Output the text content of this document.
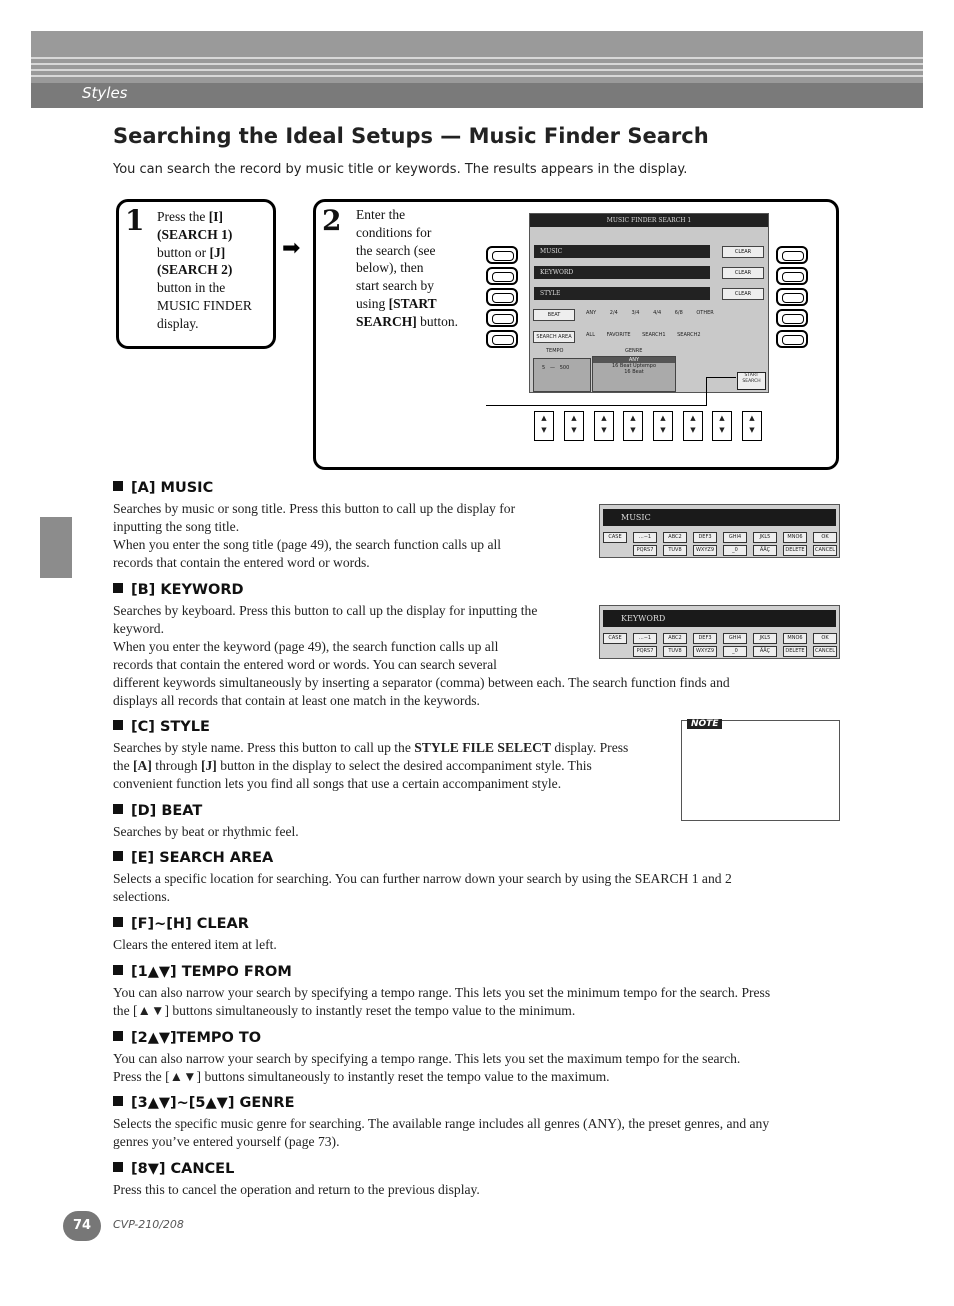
Styles
Searching the Ideal Setups — Music Finder Search
You can search the record by music title or keywords. The results appears in the display.
1 Press the [I]
(SEARCH 1)
button or [J]
(SEARCH 2)
button in the
MUSIC FINDER
display.
➡
2 Enter the
conditions for
the search (see
below), then
start search by
using [START
SEARCH] button.
MUSIC FINDER SEARCH 1
MUSIC	CLEAR
KEYWORD	CLEAR
STYLE	CLEAR
BEAT	ANY 2/4 3/4 4/4 6/8 OTHER
SEARCH AREA	ALL FAVORITE SEARCH1 SEARCH2
TEMPO	GENRE
5   —   500
ANY
16 Beat Uptempo
16 Beat
START SEARCH
▲
▼
▲
▼
▲
▼
▲
▼
▲
▼
▲
▼
▲
▼
▲
▼
[A] MUSIC
Searches by music or song title. Press this button to call up the display for
inputting the song title.
When you enter the song title (page 49), the search function calls up all
records that contain the entered word or words.
MUSIC
CASE	...−1	ABC2	DEF3	GHI4	JKL5	MNO6	OK
PQRS7	TUV8	WXYZ9	_0	ÄÅÇ	DELETE	CANCEL
[B] KEYWORD
Searches by keyboard. Press this button to call up the display for inputting the
keyword.
When you enter the keyword (page 49), the search function calls up all
records that contain the entered word or words. You can search several
different keywords simultaneously by inserting a separator (comma) between each. The search function finds and
displays all records that contain at least one match in the keywords.
KEYWORD
CASE	...−1	ABC2	DEF3	GHI4	JKL5	MNO6	OK
PQRS7	TUV8	WXYZ9	_0	ÄÅÇ	DELETE	CANCEL
[C] STYLE
Searches by style name. Press this button to call up the STYLE FILE SELECT display. Press
the [A] through [J] button in the display to select the desired accompaniment style. This
convenient function lets you find all songs that use a certain accompaniment style.
NOTE
[D] BEAT
Searches by beat or rhythmic feel.
[E] SEARCH AREA
Selects a specific location for searching. You can further narrow down your search by using the SEARCH 1 and 2
selections.
[F]~[H] CLEAR
Clears the entered item at left.
[1▲▼] TEMPO FROM
You can also narrow your search by specifying a tempo range. This lets you set the minimum tempo for the search. Press
the [▲▼] buttons simultaneously to instantly reset the tempo value to the minimum.
[2▲▼]TEMPO TO
You can also narrow your search by specifying a tempo range. This lets you set the maximum tempo for the search.
Press the [▲▼] buttons simultaneously to instantly reset the tempo value to the maximum.
[3▲▼]~[5▲▼] GENRE
Selects the specific music genre for searching. The available range includes all genres (ANY), the preset genres, and any
genres you’ve entered yourself (page 73).
[8▼] CANCEL
Press this to cancel the operation and return to the previous display.
74	CVP-210/208
